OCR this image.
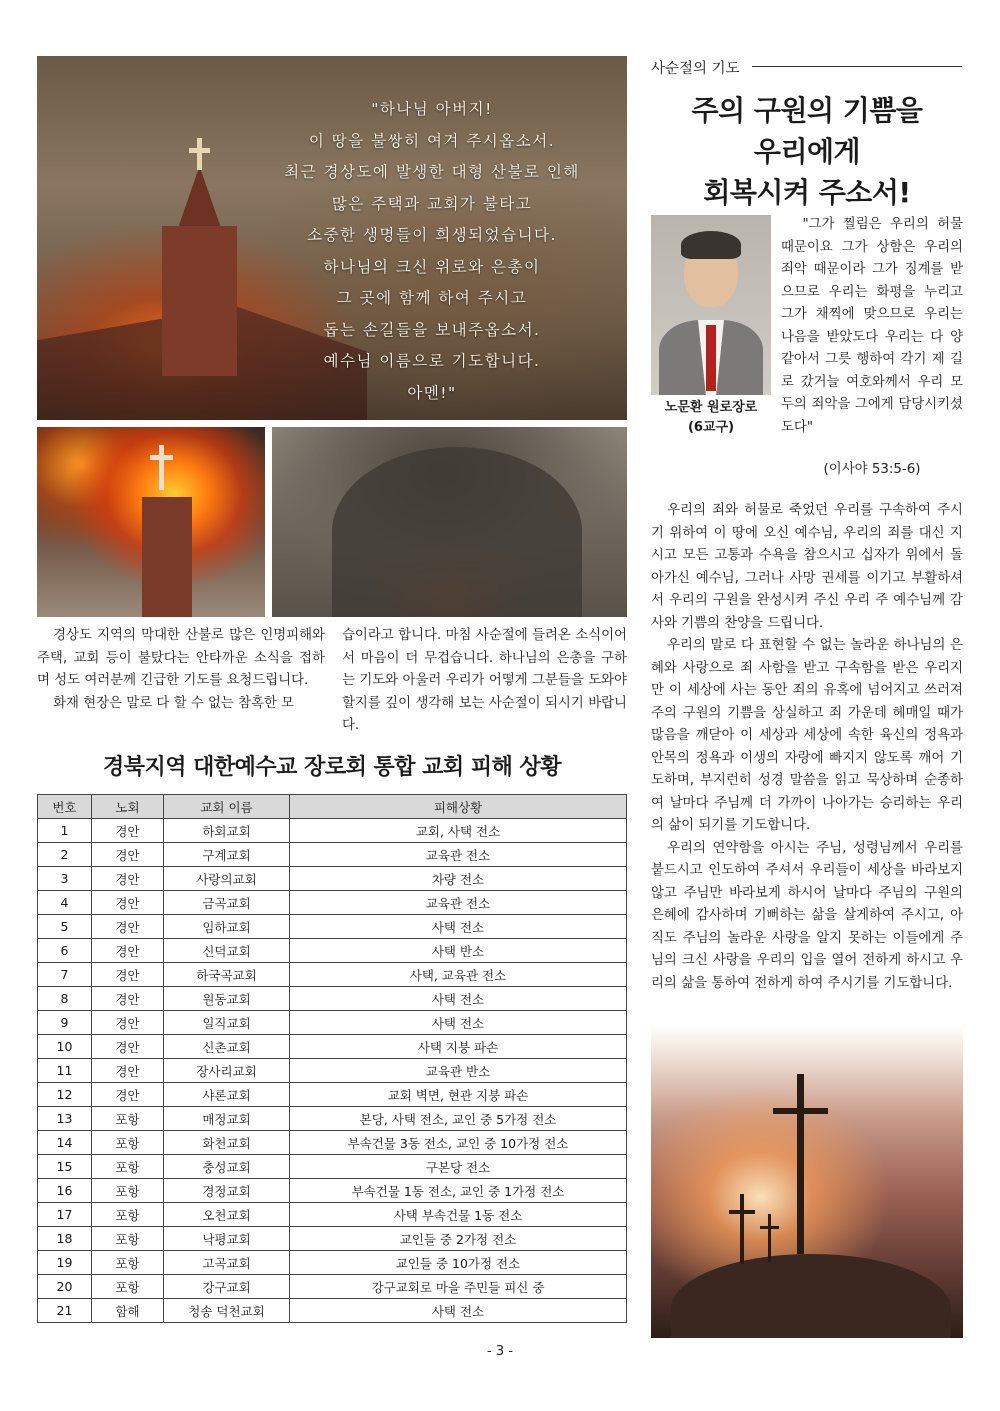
"하나님 아버지!
이 땅을 불쌍히 여겨 주시옵소서.
최근 경상도에 발생한 대형 산불로 인해
많은 주택과 교회가 불타고
소중한 생명들이 희생되었습니다.
하나님의 크신 위로와 은총이
그 곳에 함께 하여 주시고
돕는 손길들을 보내주옵소서.
예수님 이름으로 기도합니다.
아멘!"

경상도 지역의 막대한 산불로 많은 인명피해와 주택, 교회 등이 불탔다는 안타까운 소식을 접하며 성도 여러분께 긴급한 기도를 요청드립니다.

화재 현장은 말로 다 할 수 없는 참혹한 모

습이라고 합니다. 마침 사순절에 들려온 소식이어서 마음이 더 무겁습니다. 하나님의 은총을 구하는 기도와 아울러 우리가 어떻게 그분들을 도와야 할지를 깊이 생각해 보는 사순절이 되시기 바랍니다.

경북지역 대한예수교 장로회 통합 교회 피해 상황
번호	노회	교회 이름	피해상황
1	경안	하회교회	교회, 사택 전소
2	경안	구계교회	교육관 전소
3	경안	사랑의교회	차량 전소
4	경안	금곡교회	교육관 전소
5	경안	임하교회	사택 전소
6	경안	신덕교회	사택 반소
7	경안	하국곡교회	사택, 교육관 전소
8	경안	원동교회	사택 전소
9	경안	일직교회	사택 전소
10	경안	신촌교회	사택 지붕 파손
11	경안	장사리교회	교육관 반소
12	경안	샤론교회	교회 벽면, 현관 지붕 파손
13	포항	매정교회	본당, 사택 전소, 교인 중 5가정 전소
14	포항	화천교회	부속건물 3동 전소, 교인 중 10가정 전소
15	포항	충성교회	구본당 전소
16	포항	경정교회	부속건물 1동 전소, 교인 중 1가정 전소
17	포항	오천교회	사택 부속건물 1동 전소
18	포항	낙평교회	교인들 중 2가정 전소
19	포항	고곡교회	교인들 중 10가정 전소
20	포항	강구교회	강구교회로 마을 주민들 피신 중
21	함해	청송 덕천교회	사택 전소
사순절의 기도
주의 구원의 기쁨을
우리에게
회복시켜 주소서!
노문환 원로장로
(6교구)

"그가 찔림은 우리의 허물 때문이요 그가 상함은 우리의 죄악 때문이라 그가 징계를 받으므로 우리는 화평을 누리고 그가 채찍에 맞으므로 우리는 나음을 받았도다 우리는 다 양 같아서 그릇 행하여 각기 제 길로 갔거늘 여호와께서 우리 모두의 죄악을 그에게 담당시키셨도다"

(이사야 53:5-6)

우리의 죄와 허물로 죽었던 우리를 구속하여 주시기 위하여 이 땅에 오신 예수님, 우리의 죄를 대신 지시고 모든 고통과 수욕을 참으시고 십자가 위에서 돌아가신 예수님, 그러나 사망 권세를 이기고 부활하셔서 우리의 구원을 완성시켜 주신 우리 주 예수님께 감사와 기쁨의 찬양을 드립니다.

우리의 말로 다 표현할 수 없는 놀라운 하나님의 은혜와 사랑으로 죄 사함을 받고 구속함을 받은 우리지만 이 세상에 사는 동안 죄의 유혹에 넘어지고 쓰러져 주의 구원의 기쁨을 상실하고 죄 가운데 헤매일 때가 많음을 깨닫아 이 세상과 세상에 속한 육신의 정욕과 안목의 정욕과 이생의 자랑에 빠지지 않도록 깨어 기도하며, 부지런히 성경 말씀을 읽고 묵상하며 순종하여 날마다 주님께 더 가까이 나아가는 승리하는 우리의 삶이 되기를 기도합니다.

우리의 연약함을 아시는 주님, 성령님께서 우리를 붙드시고 인도하여 주셔서 우리들이 세상을 바라보지 않고 주님만 바라보게 하시어 날마다 주님의 구원의 은혜에 감사하며 기뻐하는 삶을 살게하여 주시고, 아직도 주님의 놀라운 사랑을 알지 못하는 이들에게 주님의 크신 사랑을 우리의 입을 열어 전하게 하시고 우리의 삶을 통하여 전하게 하여 주시기를 기도합니다.

- 3 -
